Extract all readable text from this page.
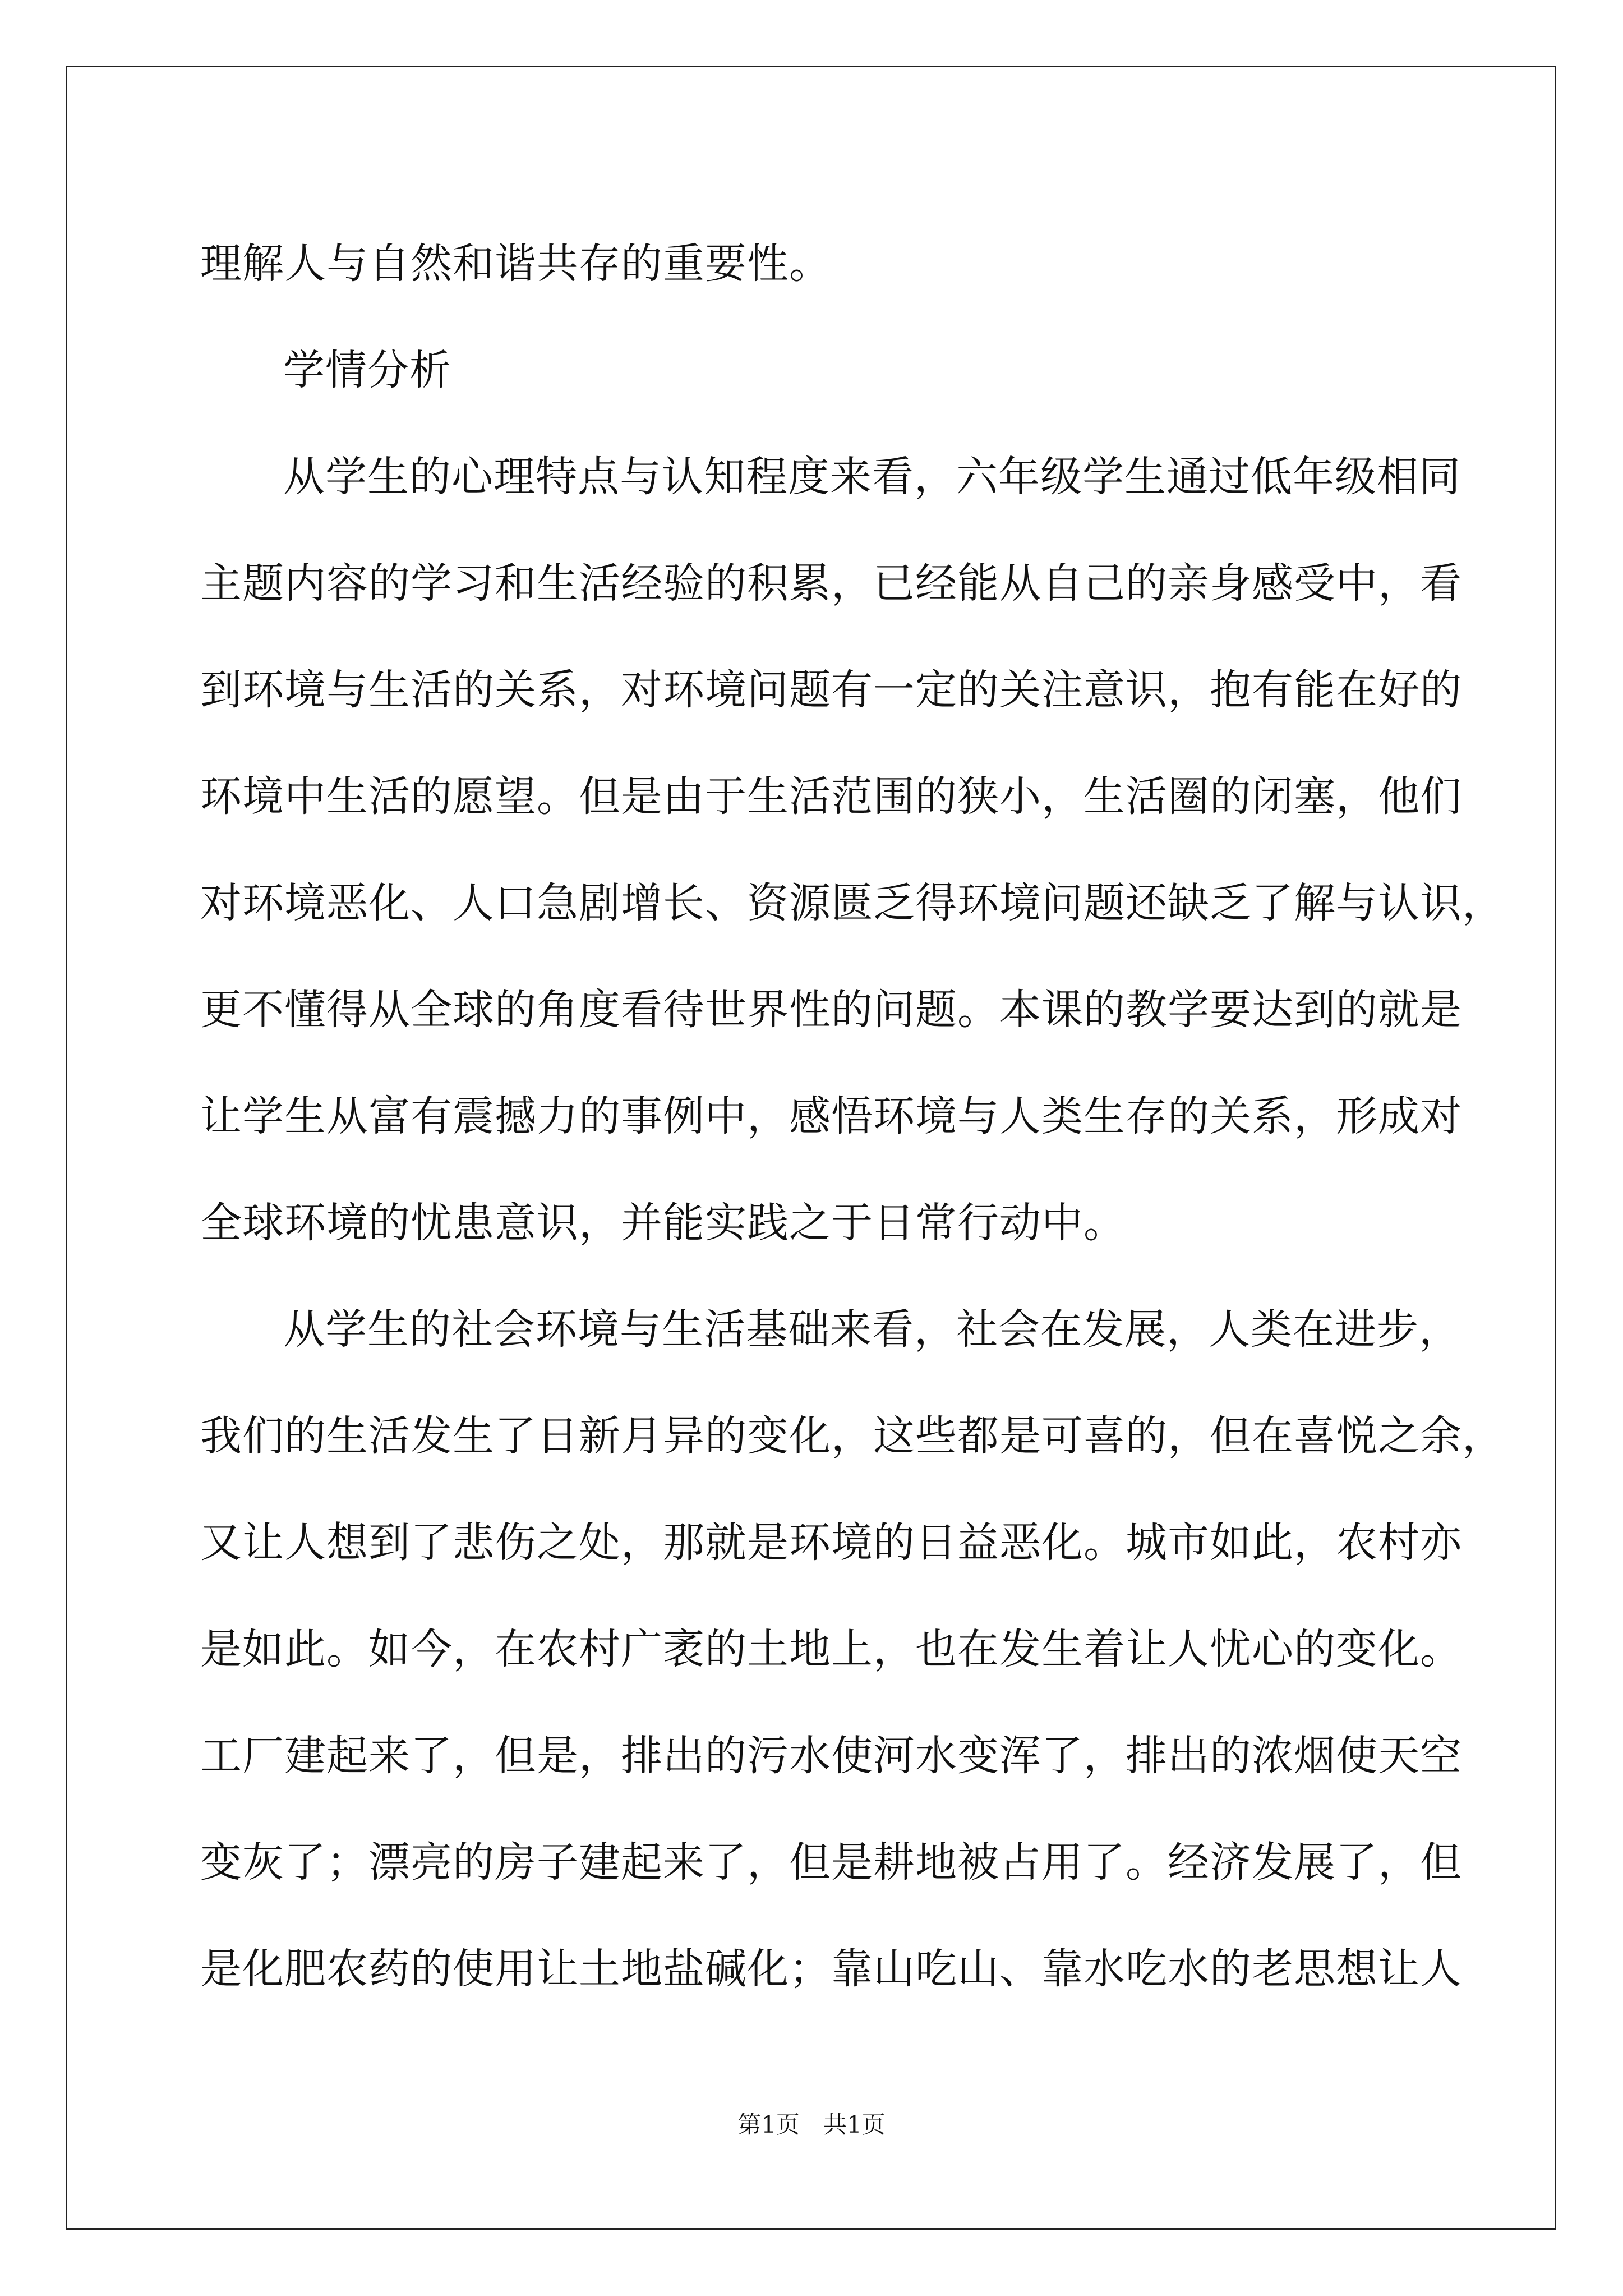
理解人与自然和谐共存的重要性。
学情分析
从学生的心理特点与认知程度来看，六年级学生通过低年级相同
主题内容的学习和生活经验的积累，已经能从自己的亲身感受中，看
到环境与生活的关系，对环境问题有一定的关注意识，抱有能在好的
环境中生活的愿望。但是由于生活范围的狭小，生活圈的闭塞，他们
对环境恶化、人口急剧增长、资源匮乏得环境问题还缺乏了解与认识，
更不懂得从全球的角度看待世界性的问题。本课的教学要达到的就是
让学生从富有震撼力的事例中，感悟环境与人类生存的关系，形成对
全球环境的忧患意识，并能实践之于日常行动中。
从学生的社会环境与生活基础来看，社会在发展，人类在进步，
我们的生活发生了日新月异的变化，这些都是可喜的，但在喜悦之余，
又让人想到了悲伤之处，那就是环境的日益恶化。城市如此，农村亦
是如此。如今，在农村广袤的土地上，也在发生着让人忧心的变化。
工厂建起来了，但是，排出的污水使河水变浑了，排出的浓烟使天空
变灰了；漂亮的房子建起来了，但是耕地被占用了。经济发展了，但
是化肥农药的使用让土地盐碱化；靠山吃山、靠水吃水的老思想让人
第1页　共1页
